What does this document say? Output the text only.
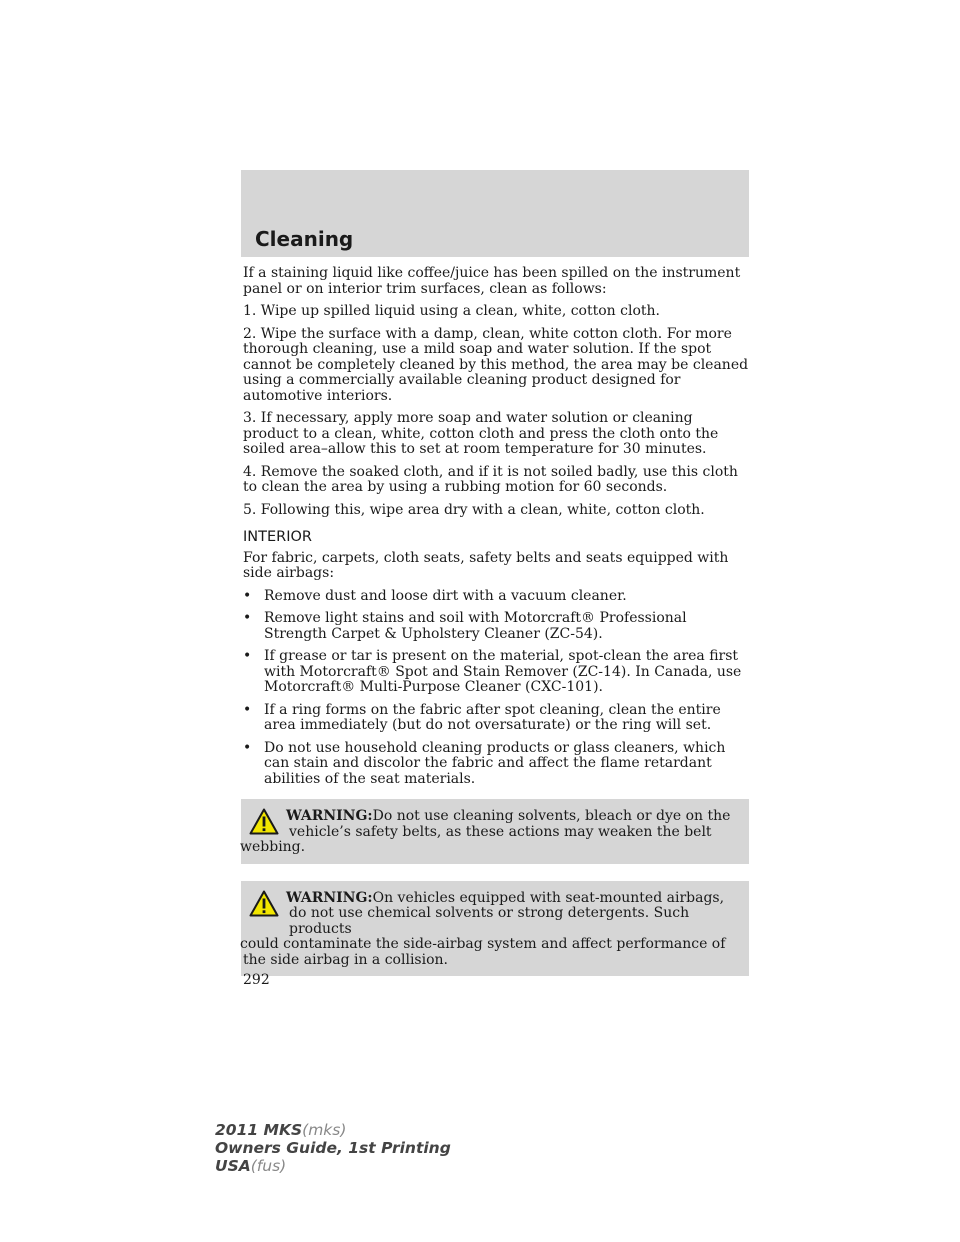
Cleaning

If a staining liquid like coffee/juice has been spilled on the instrument panel or on interior trim surfaces, clean as follows:

1. Wipe up spilled liquid using a clean, white, cotton cloth.

2. Wipe the surface with a damp, clean, white cotton cloth. For more thorough cleaning, use a mild soap and water solution. If the spot cannot be completely cleaned by this method, the area may be cleaned using a commercially available cleaning product designed for automotive interiors.

3. If necessary, apply more soap and water solution or cleaning product to a clean, white, cotton cloth and press the cloth onto the soiled area–allow this to set at room temperature for 30 minutes.

4. Remove the soaked cloth, and if it is not soiled badly, use this cloth to clean the area by using a rubbing motion for 60 seconds.

5. Following this, wipe area dry with a clean, white, cotton cloth.

INTERIOR

For fabric, carpets, cloth seats, safety belts and seats equipped with side airbags:

• Remove dust and loose dirt with a vacuum cleaner.
• Remove light stains and soil with Motorcraft® Professional Strength Carpet & Upholstery Cleaner (ZC-54).
• If grease or tar is present on the material, spot-clean the area first with Motorcraft® Spot and Stain Remover (ZC-14). In Canada, use Motorcraft® Multi-Purpose Cleaner (CXC-101).
• If a ring forms on the fabric after spot cleaning, clean the entire area immediately (but do not oversaturate) or the ring will set.
• Do not use household cleaning products or glass cleaners, which can stain and discolor the fabric and affect the flame retardant abilities of the seat materials.
WARNING:Do not use cleaning solvents, bleach or dye on the vehicle’s safety belts, as these actions may weaken the belt
webbing.
WARNING:On vehicles equipped with seat-mounted airbags, do not use chemical solvents or strong detergents. Such products
could contaminate the side-airbag system and affect performance of the side airbag in a collision.
292
2011 MKS(mks)
Owners Guide, 1st Printing
USA(fus)
